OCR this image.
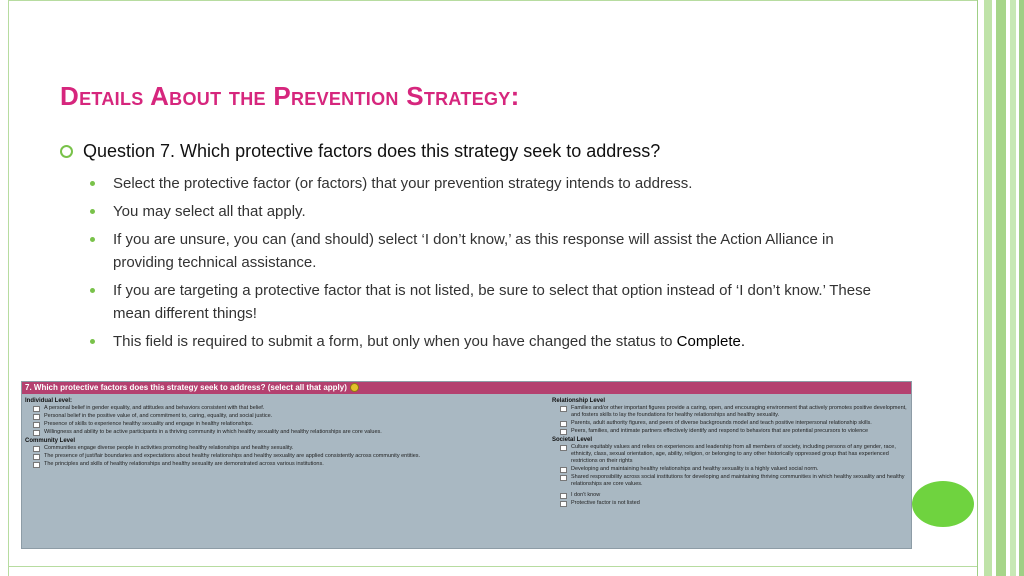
Details About the Prevention Strategy:
Question 7. Which protective factors does this strategy seek to address?
Select the protective factor (or factors) that your prevention strategy intends to address.
You may select all that apply.
If you are unsure, you can (and should) select ‘I don’t know,’ as this response will assist the Action Alliance in providing technical assistance.
If you are targeting a protective factor that is not listed, be sure to select that option instead of ‘I don’t know.’ These mean different things!
This field is required to submit a form, but only when you have changed the status to Complete.
7. Which protective factors does this strategy seek to address? (select all that apply)
Individual Level:
A personal belief in gender equality, and attitudes and behaviors consistent with that belief.
Personal belief in the positive value of, and commitment to, caring, equality, and social justice.
Presence of skills to experience healthy sexuality and engage in healthy relationships.
Willingness and ability to be active participants in a thriving community in which healthy sexuality and healthy relationships are core values.
Community Level
Communities engage diverse people in activities promoting healthy relationships and healthy sexuality.
The presence of just/fair boundaries and expectations about healthy relationships and healthy sexuality are applied consistently across community entities.
The principles and skills of healthy relationships and healthy sexuality are demonstrated across various institutions.
Relationship Level
Families and/or other important figures provide a caring, open, and encouraging environment that actively promotes positive development, and fosters skills to lay the foundations for healthy relationships and healthy sexuality.
Parents, adult authority figures, and peers of diverse backgrounds model and teach positive interpersonal relationship skills.
Peers, families, and intimate partners effectively identify and respond to behaviors that are potential precursors to violence
Societal Level
Culture equitably values and relies on experiences and leadership from all members of society, including persons of any gender, race, ethnicity, class, sexual orientation, age, ability, religion, or belonging to any other historically oppressed group that has experienced restrictions on their rights
Developing and maintaining healthy relationships and healthy sexuality is a highly valued social norm.
Shared responsibility across social institutions for developing and maintaining thriving communities in which healthy sexuality and healthy relationships are core values.
I don't know
Protective factor is not listed
